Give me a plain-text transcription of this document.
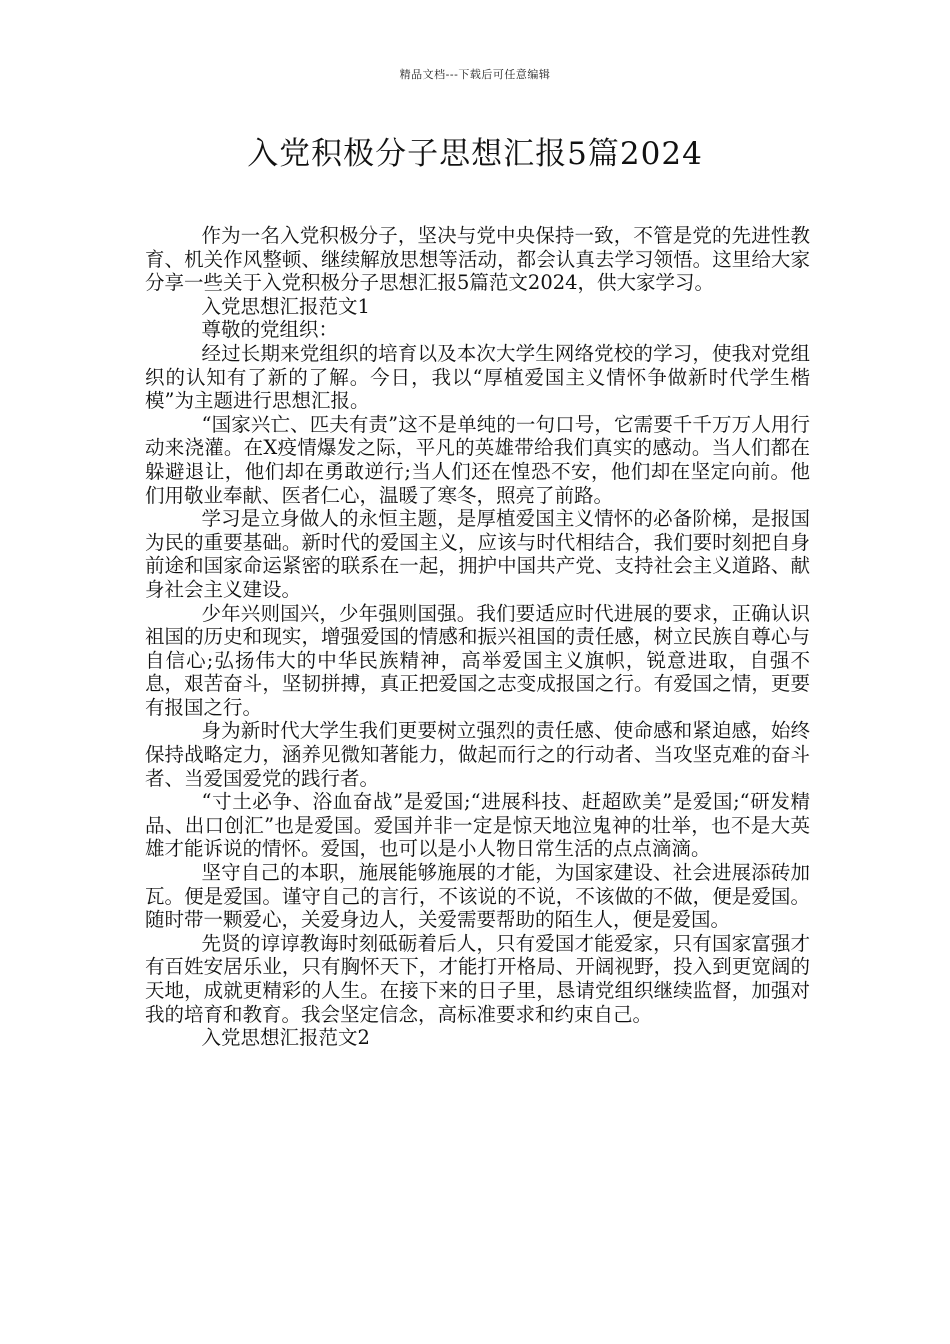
精品文档---下载后可任意编辑
入党积极分子思想汇报5篇2024

作为一名入党积极分子，坚决与党中央保持一致，不管是党的先进性教育、机关作风整顿、继续解放思想等活动，都会认真去学习领悟。这里给大家分享一些关于入党积极分子思想汇报5篇范文2024，供大家学习。

入党思想汇报范文1

尊敬的党组织：

经过长期来党组织的培育以及本次大学生网络党校的学习，使我对党组织的认知有了新的了解。今日，我以“厚植爱国主义情怀争做新时代学生楷模”为主题进行思想汇报。

“国家兴亡、匹夫有责”这不是单纯的一句口号，它需要千千万万人用行动来浇灌。在X疫情爆发之际，平凡的英雄带给我们真实的感动。当人们都在躲避退让，他们却在勇敢逆行;当人们还在惶恐不安，他们却在坚定向前。他们用敬业奉献、医者仁心，温暖了寒冬，照亮了前路。

学习是立身做人的永恒主题，是厚植爱国主义情怀的必备阶梯，是报国为民的重要基础。新时代的爱国主义，应该与时代相结合，我们要时刻把自身前途和国家命运紧密的联系在一起，拥护中国共产党、支持社会主义道路、献身社会主义建设。

少年兴则国兴，少年强则国强。我们要适应时代进展的要求，正确认识祖国的历史和现实，增强爱国的情感和振兴祖国的责任感，树立民族自尊心与自信心;弘扬伟大的中华民族精神，高举爱国主义旗帜，锐意进取，自强不息，艰苦奋斗，坚韧拼搏，真正把爱国之志变成报国之行。有爱国之情，更要有报国之行。

身为新时代大学生我们更要树立强烈的责任感、使命感和紧迫感，始终保持战略定力，涵养见微知著能力，做起而行之的行动者、当攻坚克难的奋斗者、当爱国爱党的践行者。

“寸土必争、浴血奋战”是爱国;“进展科技、赶超欧美”是爱国;“研发精品、出口创汇”也是爱国。爱国并非一定是惊天地泣鬼神的壮举，也不是大英雄才能诉说的情怀。爱国，也可以是小人物日常生活的点点滴滴。

坚守自己的本职，施展能够施展的才能，为国家建设、社会进展添砖加瓦。便是爱国。谨守自己的言行，不该说的不说，不该做的不做，便是爱国。随时带一颗爱心，关爱身边人，关爱需要帮助的陌生人，便是爱国。

先贤的谆谆教诲时刻砥砺着后人，只有爱国才能爱家，只有国家富强才有百姓安居乐业，只有胸怀天下，才能打开格局、开阔视野，投入到更宽阔的天地，成就更精彩的人生。在接下来的日子里，恳请党组织继续监督，加强对我的培育和教育。我会坚定信念，高标准要求和约束自己。

入党思想汇报范文2
